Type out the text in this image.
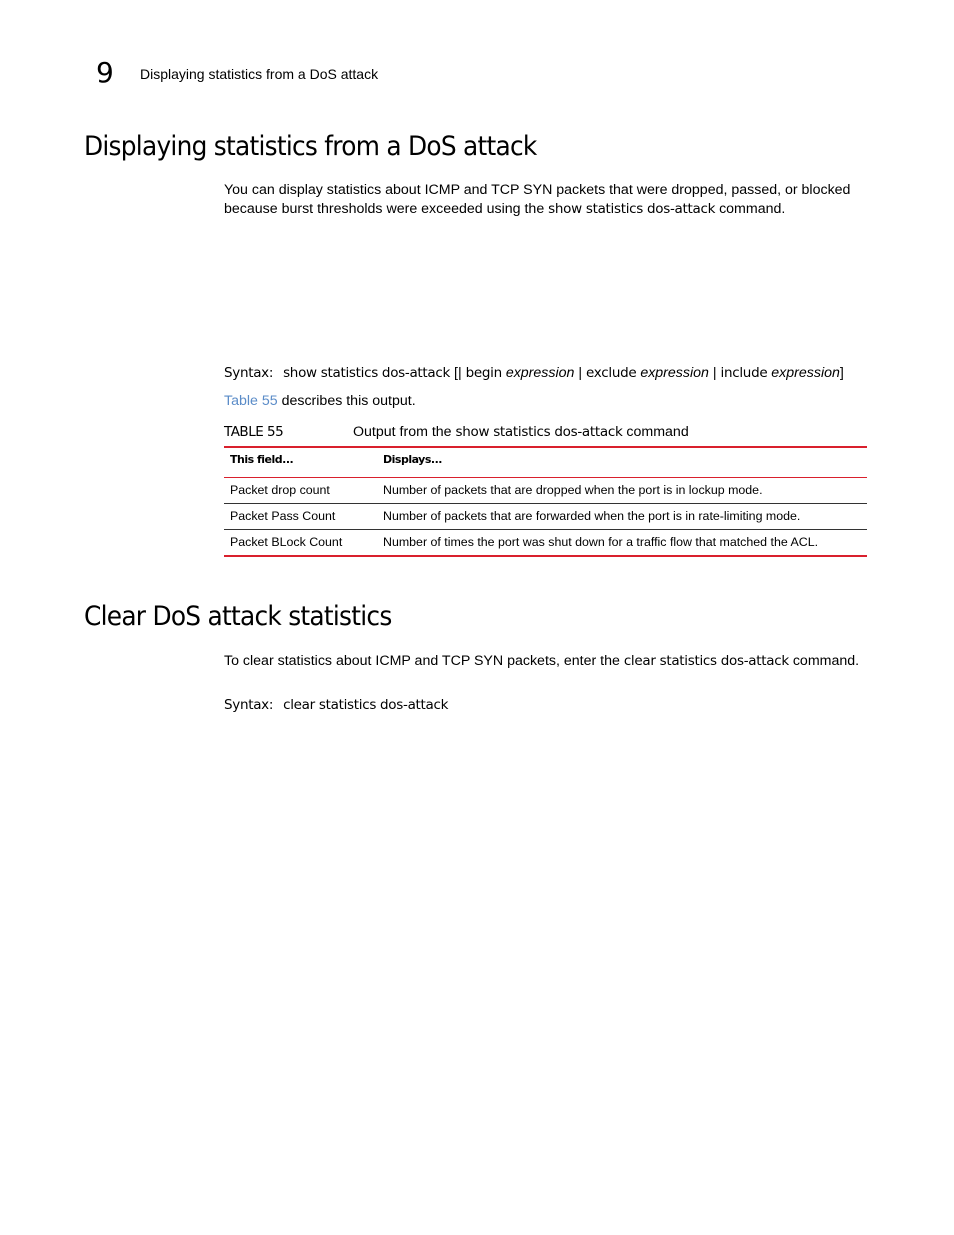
9	Displaying statistics from a DoS attack
Displaying statistics from a DoS attack

You can display statistics about ICMP and TCP SYN packets that were dropped, passed, or blocked because burst thresholds were exceeded using the show statistics dos-attack command.

Syntax: show statistics dos-attack [| begin expression | exclude expression | include expression]
Table 55 describes this output.
TABLE 55	Output from the show statistics dos-attack command
This field...	Displays...
Packet drop count	Number of packets that are dropped when the port is in lockup mode.
Packet Pass Count	Number of packets that are forwarded when the port is in rate-limiting mode.
Packet BLock Count	Number of times the port was shut down for a traffic flow that matched the ACL.
Clear DoS attack statistics

To clear statistics about ICMP and TCP SYN packets, enter the clear statistics dos-attack command.

Syntax: clear statistics dos-attack
